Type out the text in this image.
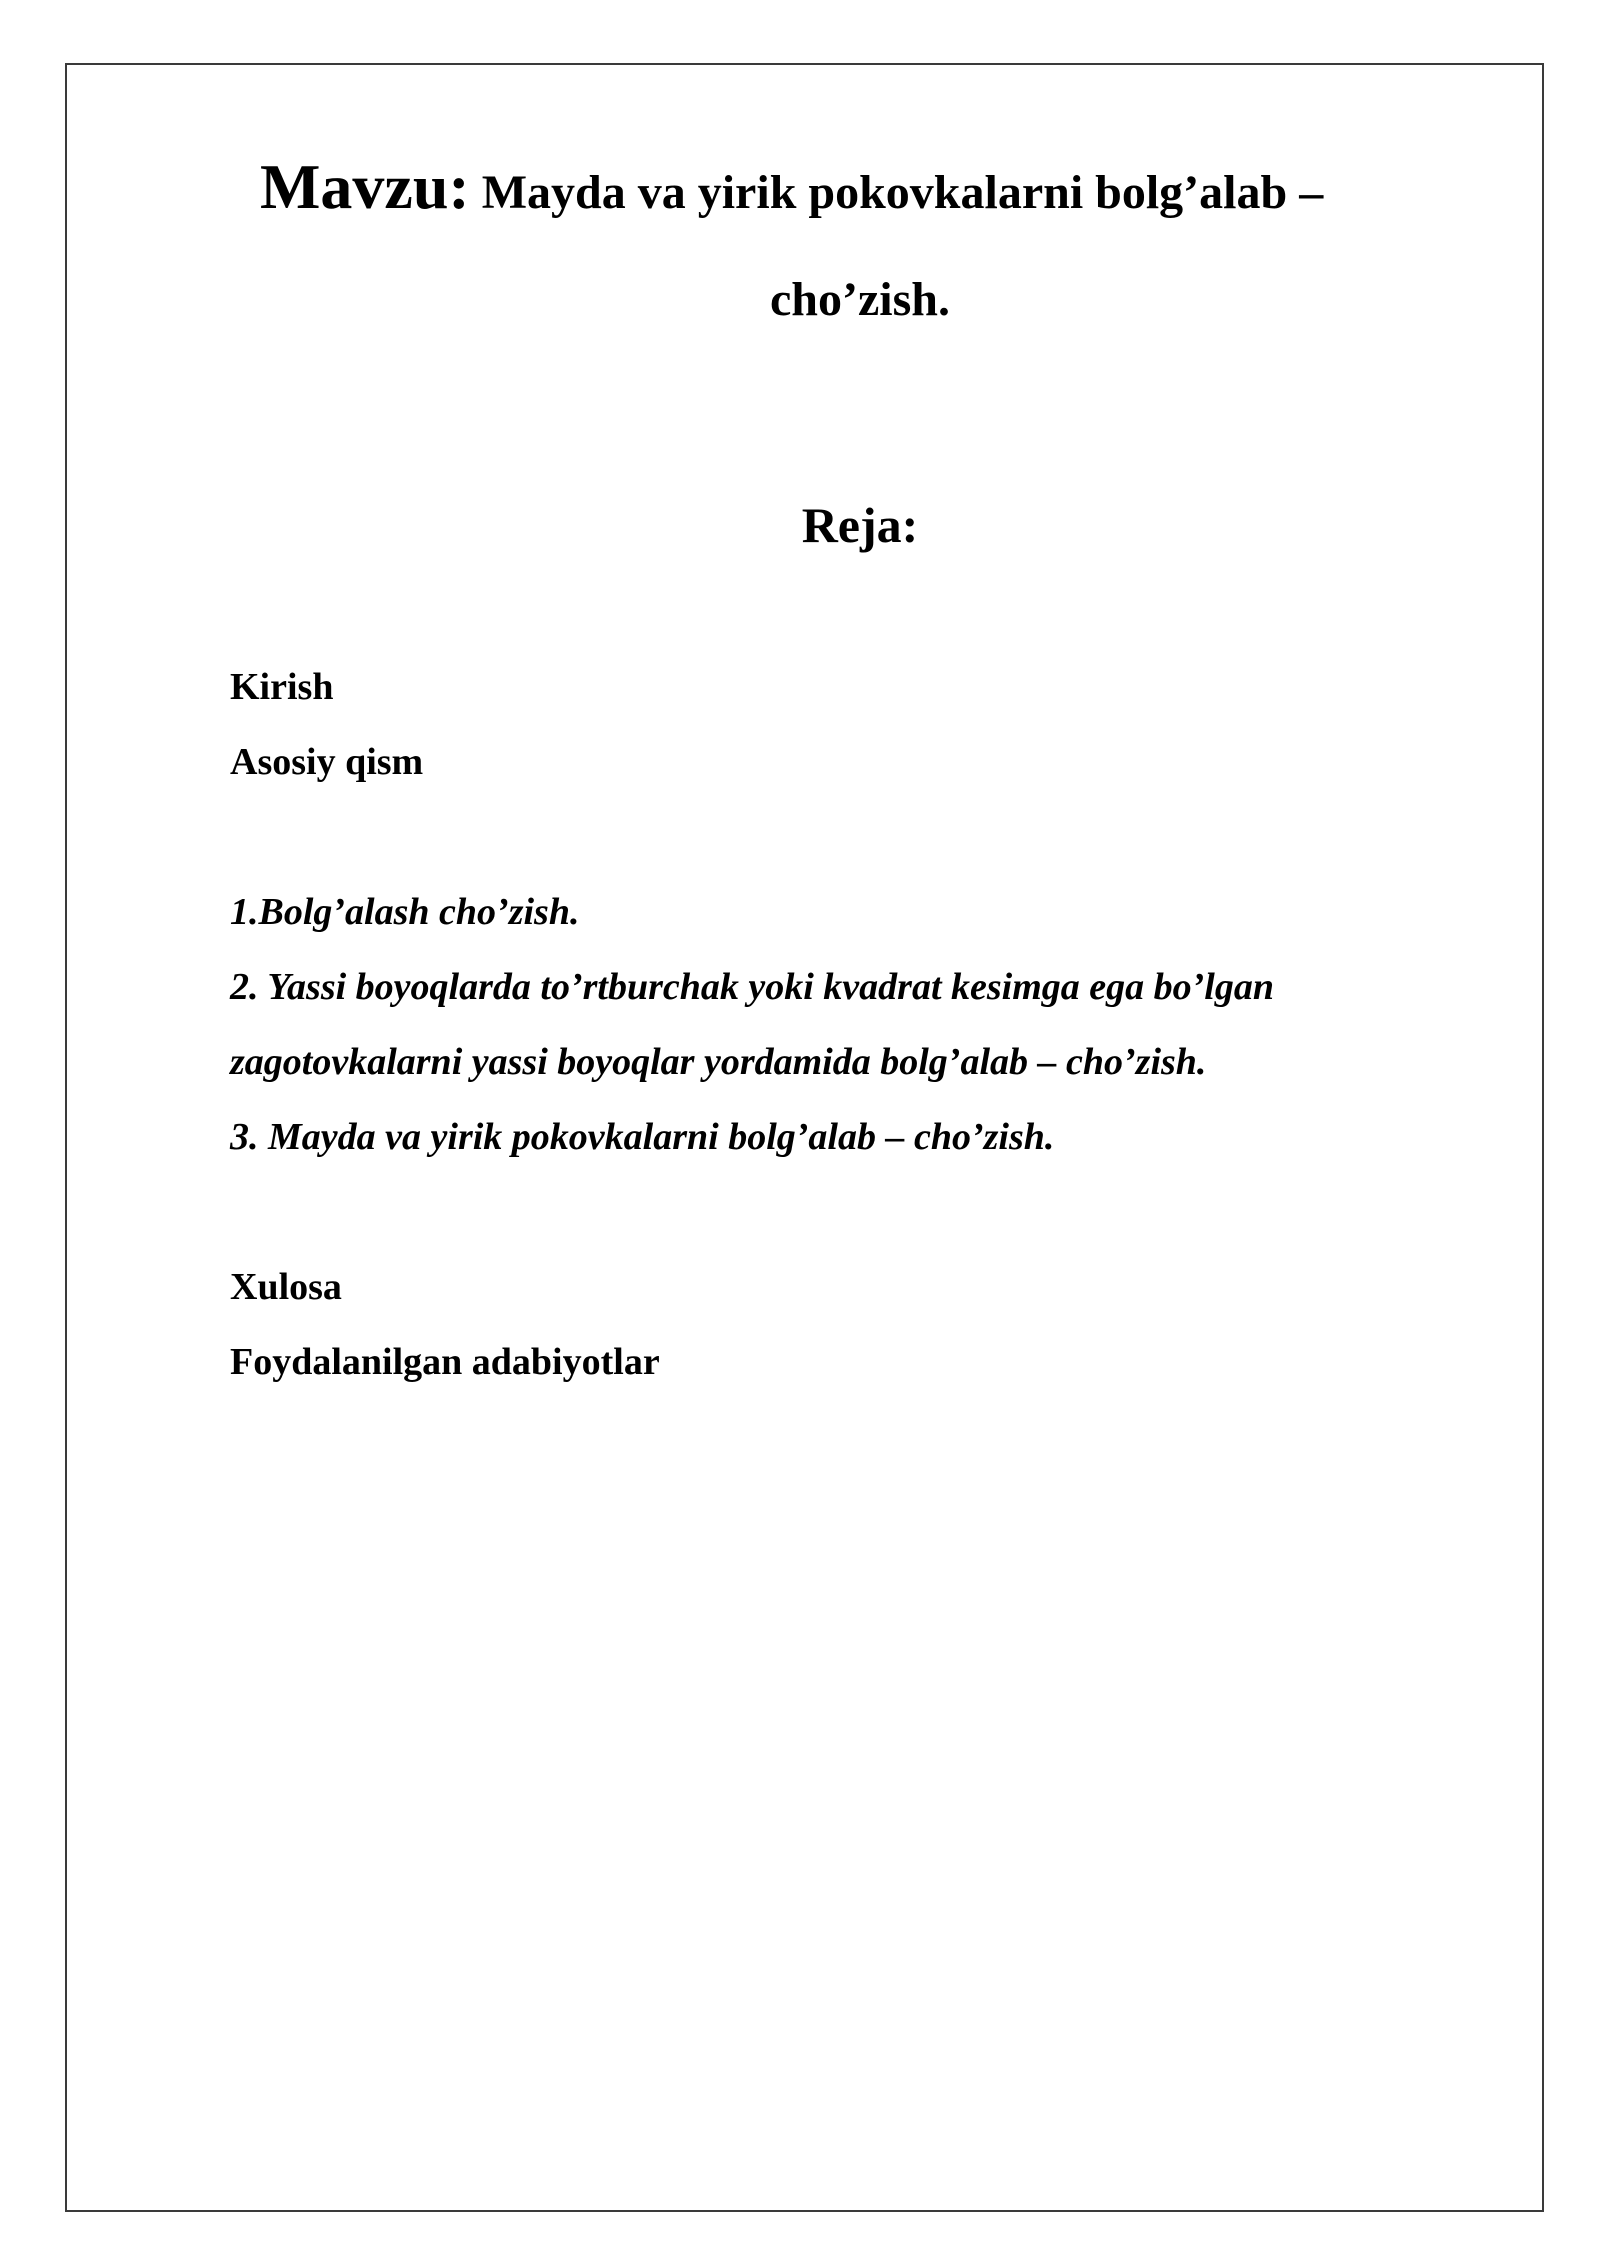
Mavzu: Mayda va yirik pokovkalarni bolg’alab –
cho’zish.
Reja:
Kirish
Asosiy qism
1.Bolg’alash cho’zish.
2. Yassi boyoqlarda to’rtburchak yoki kvadrat kesimga ega bo’lgan
zagotovkalarni yassi boyoqlar yordamida bolg’alab – cho’zish.
3. Mayda va yirik pokovkalarni bolg’alab – cho’zish.
Xulosa
Foydalanilgan adabiyotlar
